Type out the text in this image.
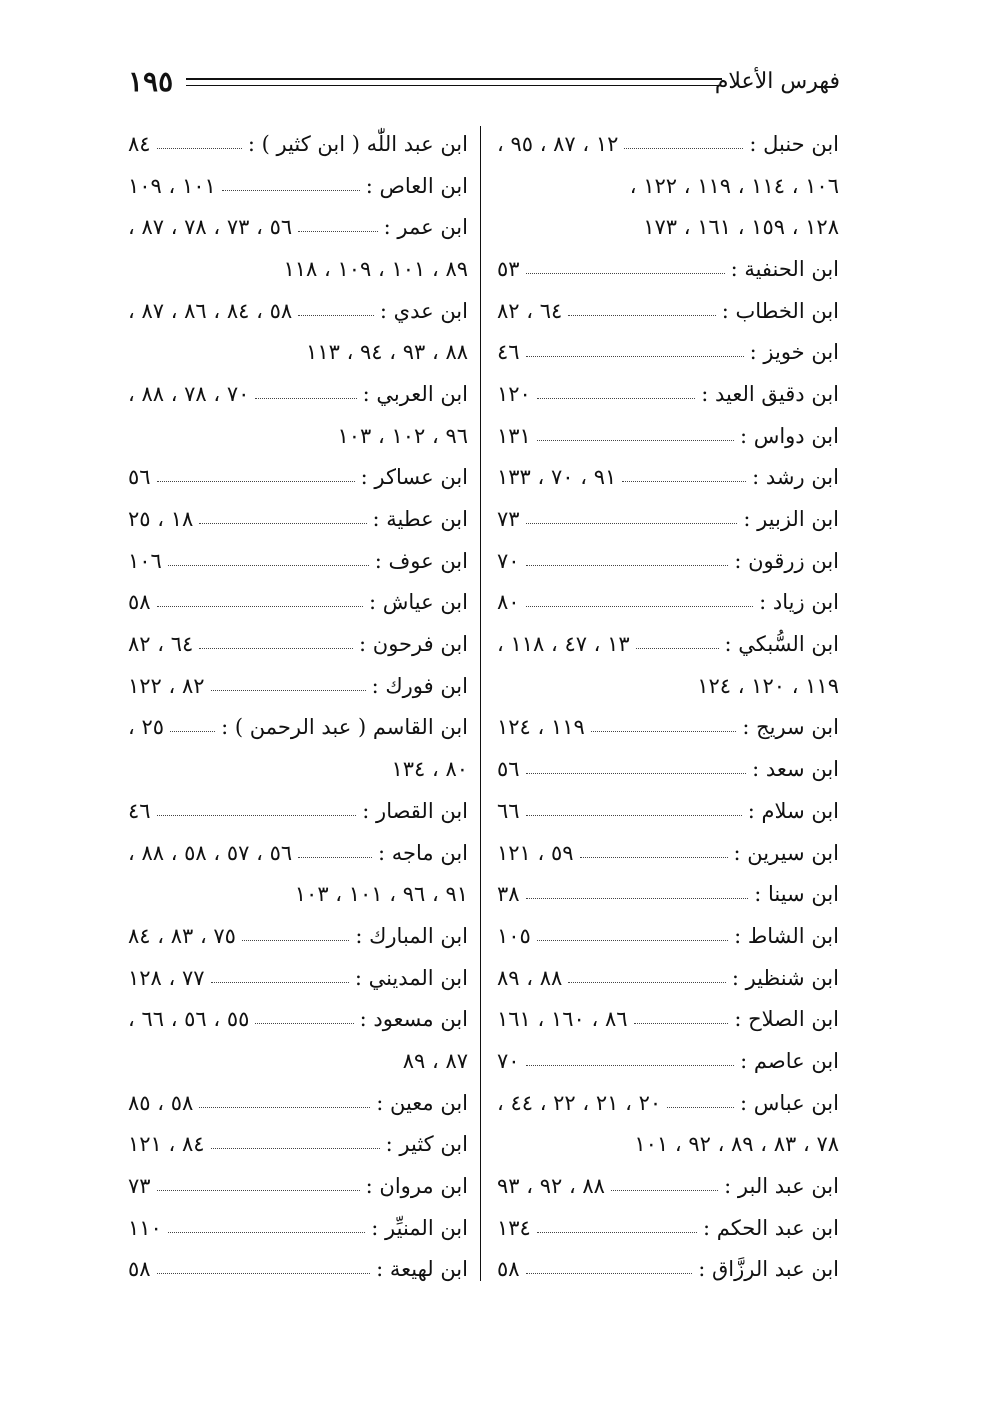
١٩٥	فهرس الأعلام
ابن حنبل :
١٢ ، ٨٧ ، ٩٥ ،
١٠٦ ، ١١٤ ، ١١٩ ، ١٢٢ ،
١٢٨ ، ١٥٩ ، ١٦١ ، ١٧٣
ابن الحنفية :
٥٣
ابن الخطاب :
٦٤ ، ٨٢
ابن خويز :
٤٦
ابن دقيق العيد :
١٢٠
ابن دواس :
١٣١
ابن رشد :
٩١ ، ٧٠ ، ١٣٣
ابن الزبير :
٧٣
ابن زرقون :
٧٠
ابن زياد :
٨٠
ابن السُّبكي :
١٣ ، ٤٧ ، ١١٨ ،
١١٩ ، ١٢٠ ، ١٢٤
ابن سريج :
١١٩ ، ١٢٤
ابن سعد :
٥٦
ابن سلام :
٦٦
ابن سيرين :
٥٩ ، ١٢١
ابن سينا :
٣٨
ابن الشاط :
١٠٥
ابن شنظير :
٨٨ ، ٨٩
ابن الصلاح :
٨٦ ، ١٦٠ ، ١٦١
ابن عاصم :
٧٠
ابن عباس :
٢٠ ، ٢١ ، ٢٢ ، ٤٤ ،
٧٨ ، ٨٣ ، ٨٩ ، ٩٢ ، ١٠١
ابن عبد البر :
٨٨ ، ٩٢ ، ٩٣
ابن عبد الحكم :
١٣٤
ابن عبد الرزَّاق :
٥٨
ابن عبد اللّٰه ( ابن كثير ) :
٨٤
ابن العاص :
١٠١ ، ١٠٩
ابن عمر :
٥٦ ، ٧٣ ، ٧٨ ، ٨٧ ،
٨٩ ، ١٠١ ، ١٠٩ ، ١١٨
ابن عدي :
٥٨ ، ٨٤ ، ٨٦ ، ٨٧ ،
٨٨ ، ٩٣ ، ٩٤ ، ١١٣
ابن العربي :
٧٠ ، ٧٨ ، ٨٨ ،
٩٦ ، ١٠٢ ، ١٠٣
ابن عساكر :
٥٦
ابن عطية :
١٨ ، ٢٥
ابن عوف :
١٠٦
ابن عياش :
٥٨
ابن فرحون :
٦٤ ، ٨٢
ابن فورك :
٨٢ ، ١٢٢
ابن القاسم ( عبد الرحمن ) :
٢٥ ،
٨٠ ، ١٣٤
ابن القصار :
٤٦
ابن ماجه :
٥٦ ، ٥٧ ، ٥٨ ، ٨٨ ،
٩١ ، ٩٦ ، ١٠١ ، ١٠٣
ابن المبارك :
٧٥ ، ٨٣ ، ٨٤
ابن المديني :
٧٧ ، ١٢٨
ابن مسعود :
٥٥ ، ٥٦ ، ٦٦ ،
٨٧ ، ٨٩
ابن معين :
٥٨ ، ٨٥
ابن كثير :
٨٤ ، ١٢١
ابن مروان :
٧٣
ابن المنيِّر :
١١٠
ابن لهيعة :
٥٨
